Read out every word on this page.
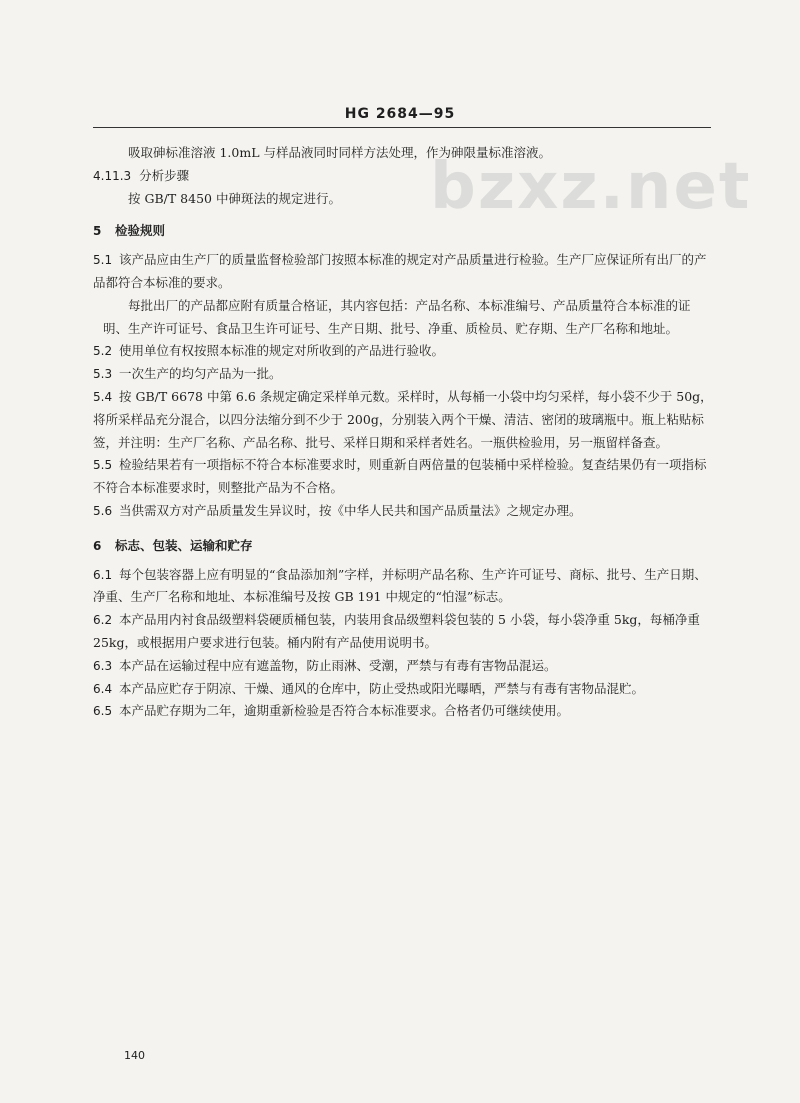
HG 2684—95
bzxz.net

吸取砷标准溶液 1.0mL 与样品液同时同样方法处理，作为砷限量标准溶液。

4.11.3 分析步骤

按 GB/T 8450 中砷斑法的规定进行。

5 检验规则

5.1 该产品应由生产厂的质量监督检验部门按照本标准的规定对产品质量进行检验。生产厂应保证所有出厂的产品都符合本标准的要求。

每批出厂的产品都应附有质量合格证，其内容包括：产品名称、本标准编号、产品质量符合本标准的证明、生产许可证号、食品卫生许可证号、生产日期、批号、净重、质检员、贮存期、生产厂名称和地址。

5.2 使用单位有权按照本标准的规定对所收到的产品进行验收。

5.3 一次生产的均匀产品为一批。

5.4 按 GB/T 6678 中第 6.6 条规定确定采样单元数。采样时，从每桶一小袋中均匀采样，每小袋不少于 50g，将所采样品充分混合，以四分法缩分到不少于 200g，分别装入两个干燥、清洁、密闭的玻璃瓶中。瓶上粘贴标签，并注明：生产厂名称、产品名称、批号、采样日期和采样者姓名。一瓶供检验用，另一瓶留样备查。

5.5 检验结果若有一项指标不符合本标准要求时，则重新自两倍量的包装桶中采样检验。复查结果仍有一项指标不符合本标准要求时，则整批产品为不合格。

5.6 当供需双方对产品质量发生异议时，按《中华人民共和国产品质量法》之规定办理。

6 标志、包装、运输和贮存

6.1 每个包装容器上应有明显的“食品添加剂”字样，并标明产品名称、生产许可证号、商标、批号、生产日期、净重、生产厂名称和地址、本标准编号及按 GB 191 中规定的“怕湿”标志。

6.2 本产品用内衬食品级塑料袋硬质桶包装，内装用食品级塑料袋包装的 5 小袋，每小袋净重 5kg，每桶净重 25kg，或根据用户要求进行包装。桶内附有产品使用说明书。

6.3 本产品在运输过程中应有遮盖物，防止雨淋、受潮，严禁与有毒有害物品混运。

6.4 本产品应贮存于阴凉、干燥、通风的仓库中，防止受热或阳光曝晒，严禁与有毒有害物品混贮。

6.5 本产品贮存期为二年，逾期重新检验是否符合本标准要求。合格者仍可继续使用。

140
